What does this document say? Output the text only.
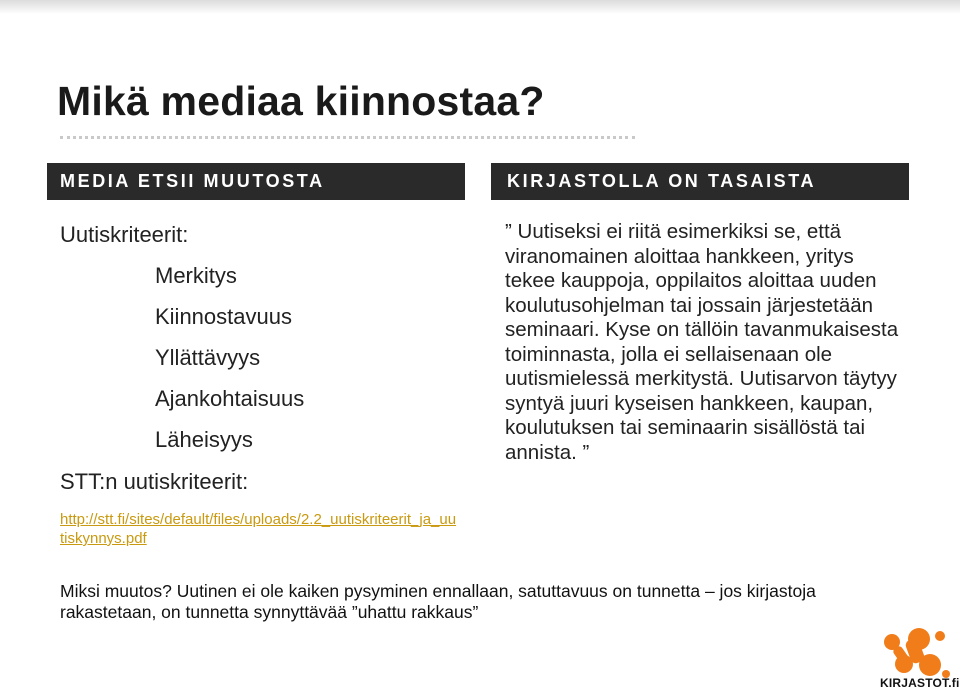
Mikä mediaa kiinnostaa?
MEDIA ETSII MUUTOSTA	KIRJASTOLLA ON TASAISTA
Uutiskriteerit:
Merkitys
Kiinnostavuus
Yllättävyys
Ajankohtaisuus
Läheisyys
STT:n uutiskriteerit:
http://stt.fi/sites/default/files/uploads/2.2_uutiskriteerit_ja_uutiskynnys.pdf
” Uutiseksi ei riitä esimerkiksi se, että viranomainen aloittaa hankkeen, yritys tekee kauppoja, oppilaitos aloittaa uuden koulutusohjelman tai jossain järjestetään seminaari. Kyse on tällöin tavanmukaisesta toiminnasta, jolla ei sellaisenaan ole uutismielessä merkitystä. Uutisarvon täytyy syntyä juuri kyseisen hankkeen, kaupan, koulutuksen tai seminaarin sisällöstä tai annista. ”
Miksi muutos? Uutinen ei ole kaiken pysyminen ennallaan, satuttavuus on tunnetta – jos kirjastoja rakastetaan, on tunnetta synnyttävää ”uhattu rakkaus”
KIRJASTOT.fi
